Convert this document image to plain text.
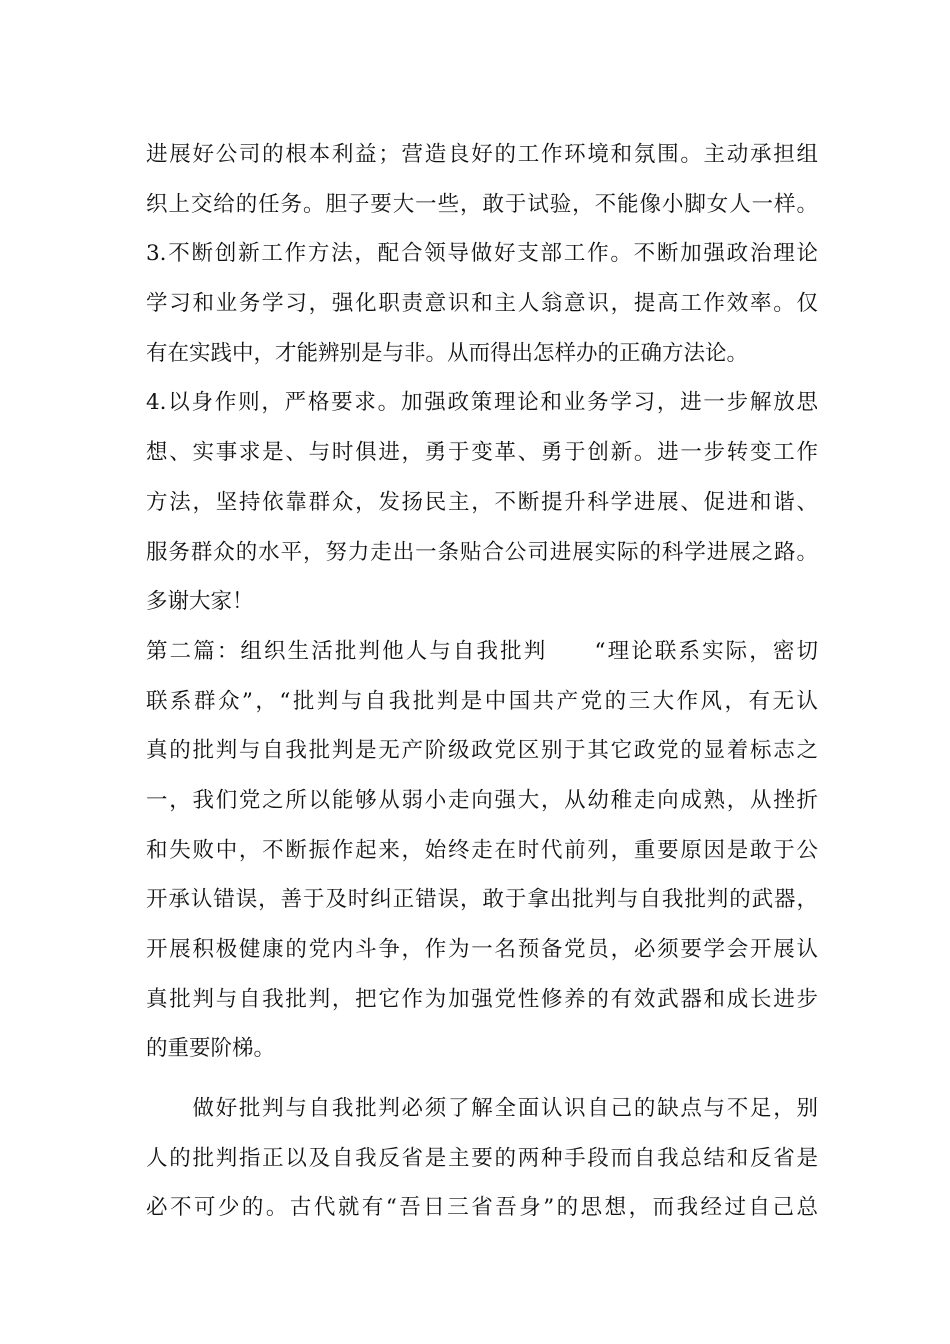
进展好公司的根本利益；营造良好的工作环境和氛围。主动承担组
织上交给的任务。胆子要大一些，敢于试验，不能像小脚女人一样。
3.不断创新工作方法，配合领导做好支部工作。不断加强政治理论
学习和业务学习，强化职责意识和主人翁意识，提高工作效率。仅
有在实践中，才能辨别是与非。从而得出怎样办的正确方法论。
4.以身作则，严格要求。加强政策理论和业务学习，进一步解放思
想、实事求是、与时俱进，勇于变革、勇于创新。进一步转变工作
方法，坚持依靠群众，发扬民主，不断提升科学进展、促进和谐、
服务群众的水平，努力走出一条贴合公司进展实际的科学进展之路。
多谢大家！
第二篇：组织生活批判他人与自我批判　　“理论联系实际，密切
联系群众”，“批判与自我批判是中国共产党的三大作风，有无认
真的批判与自我批判是无产阶级政党区别于其它政党的显着标志之
一，我们党之所以能够从弱小走向强大，从幼稚走向成熟，从挫折
和失败中，不断振作起来，始终走在时代前列，重要原因是敢于公
开承认错误，善于及时纠正错误，敢于拿出批判与自我批判的武器，
开展积极健康的党内斗争，作为一名预备党员，必须要学会开展认
真批判与自我批判，把它作为加强党性修养的有效武器和成长进步
的重要阶梯。
　　做好批判与自我批判必须了解全面认识自己的缺点与不足，别
人的批判指正以及自我反省是主要的两种手段而自我总结和反省是
必不可少的。古代就有“吾日三省吾身”的思想，而我经过自己总
